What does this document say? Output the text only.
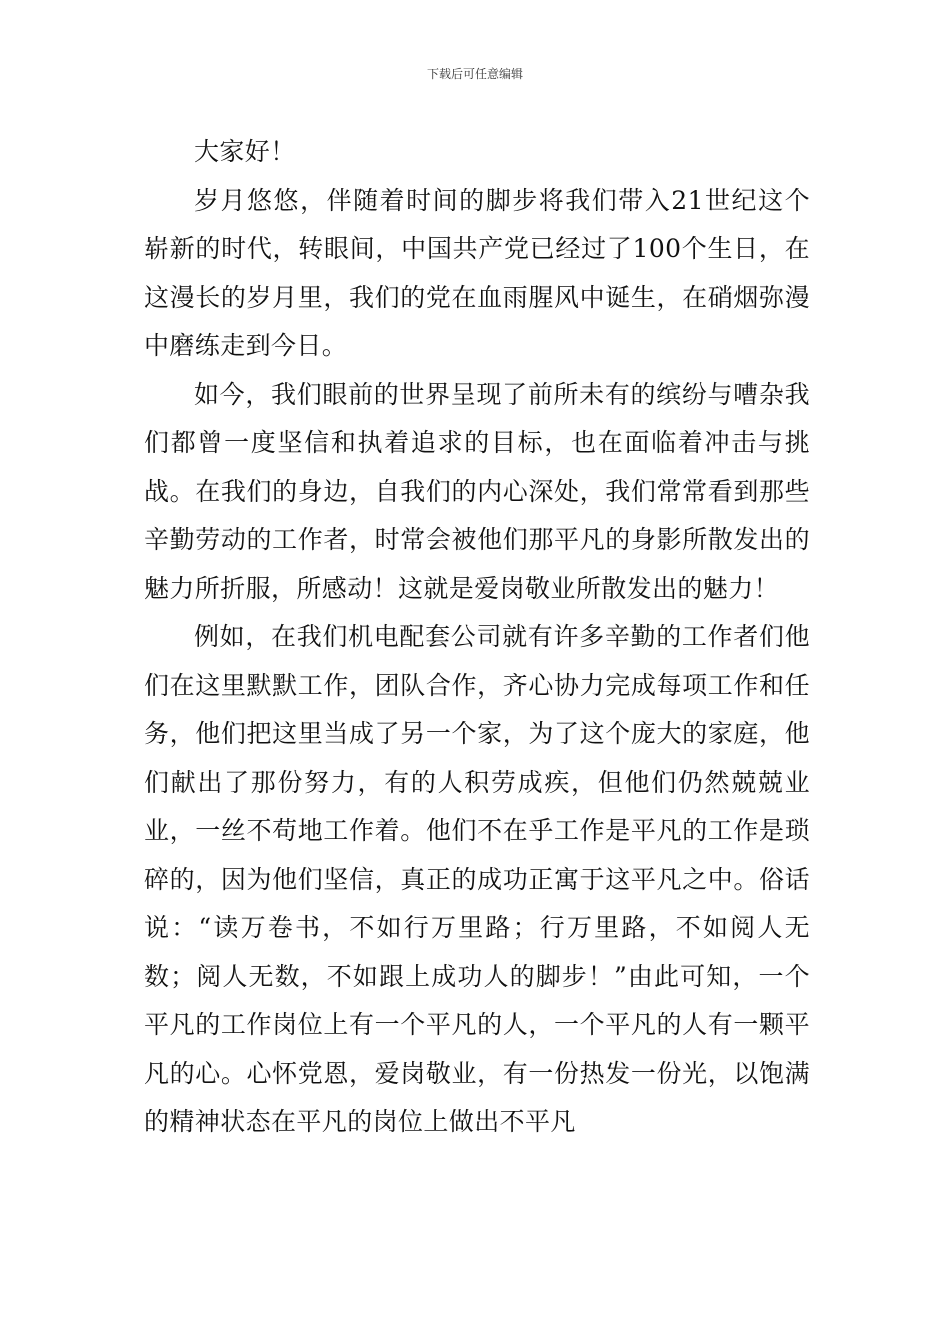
下载后可任意编辑

大家好！

岁月悠悠，伴随着时间的脚步将我们带入21世纪这个崭新的时代，转眼间，中国共产党已经过了100个生日，在这漫长的岁月里，我们的党在血雨腥风中诞生，在硝烟弥漫中磨练走到今日。

如今，我们眼前的世界呈现了前所未有的缤纷与嘈杂我们都曾一度坚信和执着追求的目标，也在面临着冲击与挑战。在我们的身边，自我们的内心深处，我们常常看到那些辛勤劳动的工作者，时常会被他们那平凡的身影所散发出的魅力所折服，所感动！这就是爱岗敬业所散发出的魅力！

例如，在我们机电配套公司就有许多辛勤的工作者们他们在这里默默工作，团队合作，齐心协力完成每项工作和任务，他们把这里当成了另一个家，为了这个庞大的家庭，他们献出了那份努力，有的人积劳成疾，但他们仍然兢兢业业，一丝不苟地工作着。他们不在乎工作是平凡的工作是琐碎的，因为他们坚信，真正的成功正寓于这平凡之中。俗话说：“读万卷书，不如行万里路；行万里路，不如阅人无数；阅人无数，不如跟上成功人的脚步！”由此可知，一个平凡的工作岗位上有一个平凡的人，一个平凡的人有一颗平凡的心。心怀党恩，爱岗敬业，有一份热发一份光，以饱满的精神状态在平凡的岗位上做出不平凡
